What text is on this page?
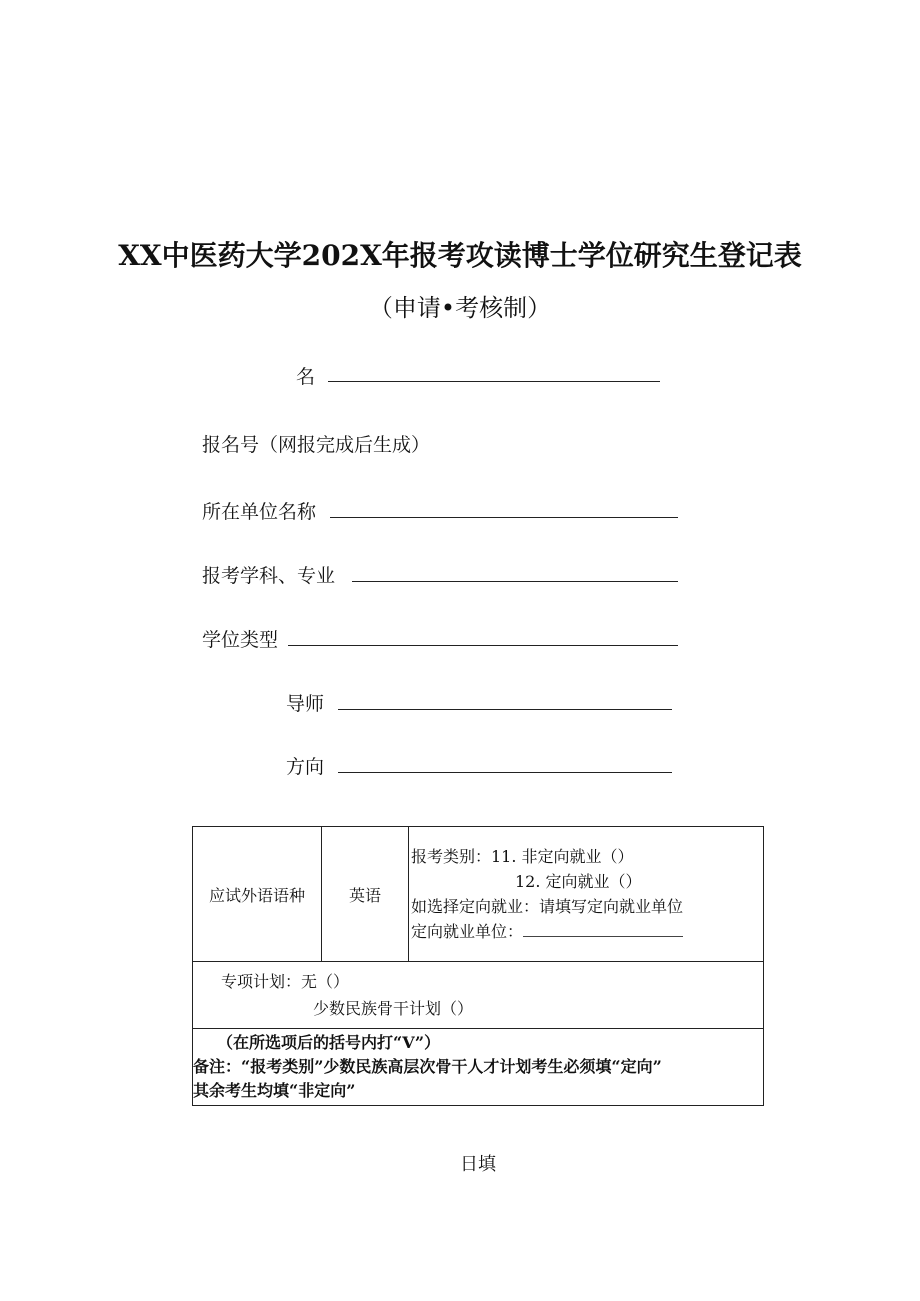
XX中医药大学202X年报考攻读博士学位研究生登记表
（申请•考核制）
名
报名号（网报完成后生成）
所在单位名称
报考学科、专业
学位类型
导师
方向
应试外语语种	英语	
报考类别：11. 非定向就业（）
12. 定向就业（）
如选择定向就业：请填写定向就业单位
定向就业单位：

专项计划：无（）
少数民族骨干计划（）

（在所选项后的括号内打“V”）
备注：“报考类别”少数民族高层次骨干人才计划考生必须填“定向”
其余考生均填“非定向”
日填
